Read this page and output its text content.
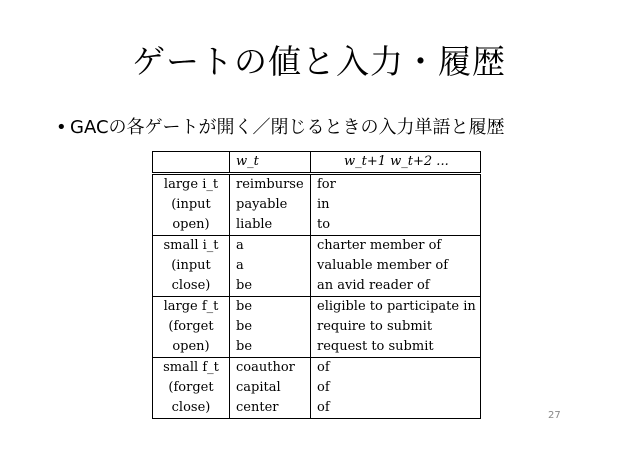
ゲートの値と入力・履歴
• GACの各ゲートが開く／閉じるときの入力単語と履歴
	w_t	w_t+1 w_t+2 ...
large i_t	reimburse	for
(input	payable	in
open)	liable	to
small i_t	a	charter member of
(input	a	valuable member of
close)	be	an avid reader of
large f_t	be	eligible to participate in
(forget	be	require to submit
open)	be	request to submit
small f_t	coauthor	of
(forget	capital	of
close)	center	of
27
